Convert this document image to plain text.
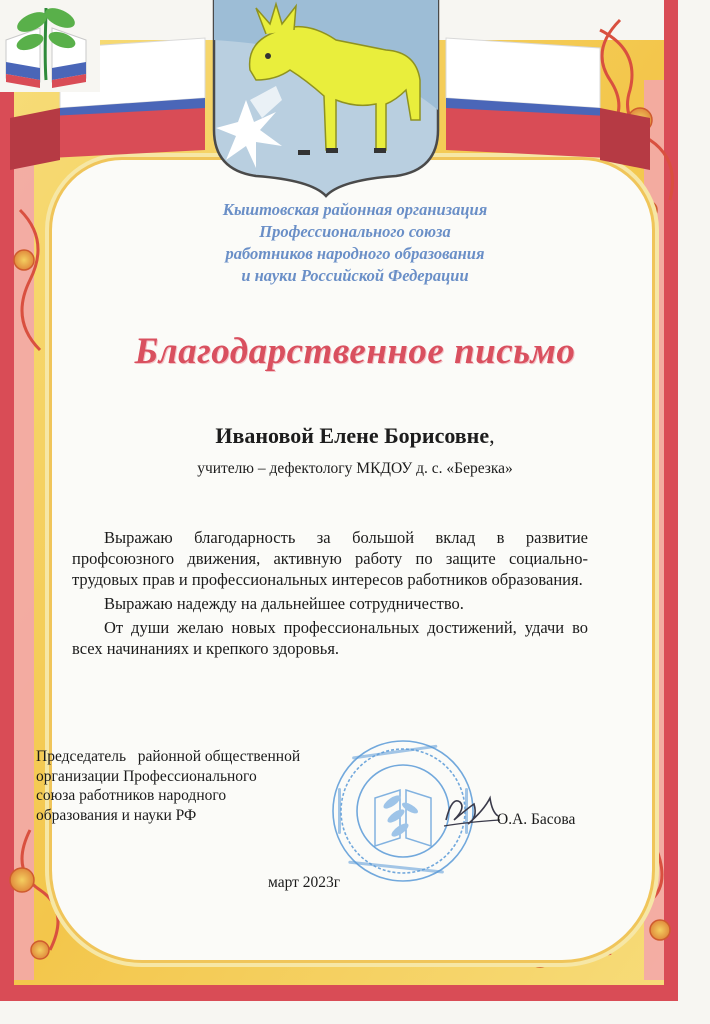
Кыштовская районная организация
Профессионального союза
работников народного образования
и науки Российской Федерации
Благодарственное письмо
Ивановой Елене Борисовне,
учителю – дефектологу МКДОУ д. с. «Березка»

Выражаю благодарность за большой вклад в развитие профсоюзного движения, активную работу по защите социально-трудовых прав и профессиональных интересов работников образования.

Выражаю надежду на дальнейшее сотрудничество.

От души желаю новых профессиональных достижений, удачи во всех начинаниях и крепкого здоровья.

Председатель   районной общественной
организации Профессионального
союза работников народного
образования и науки РФ	О.А. Басова
март 2023г
